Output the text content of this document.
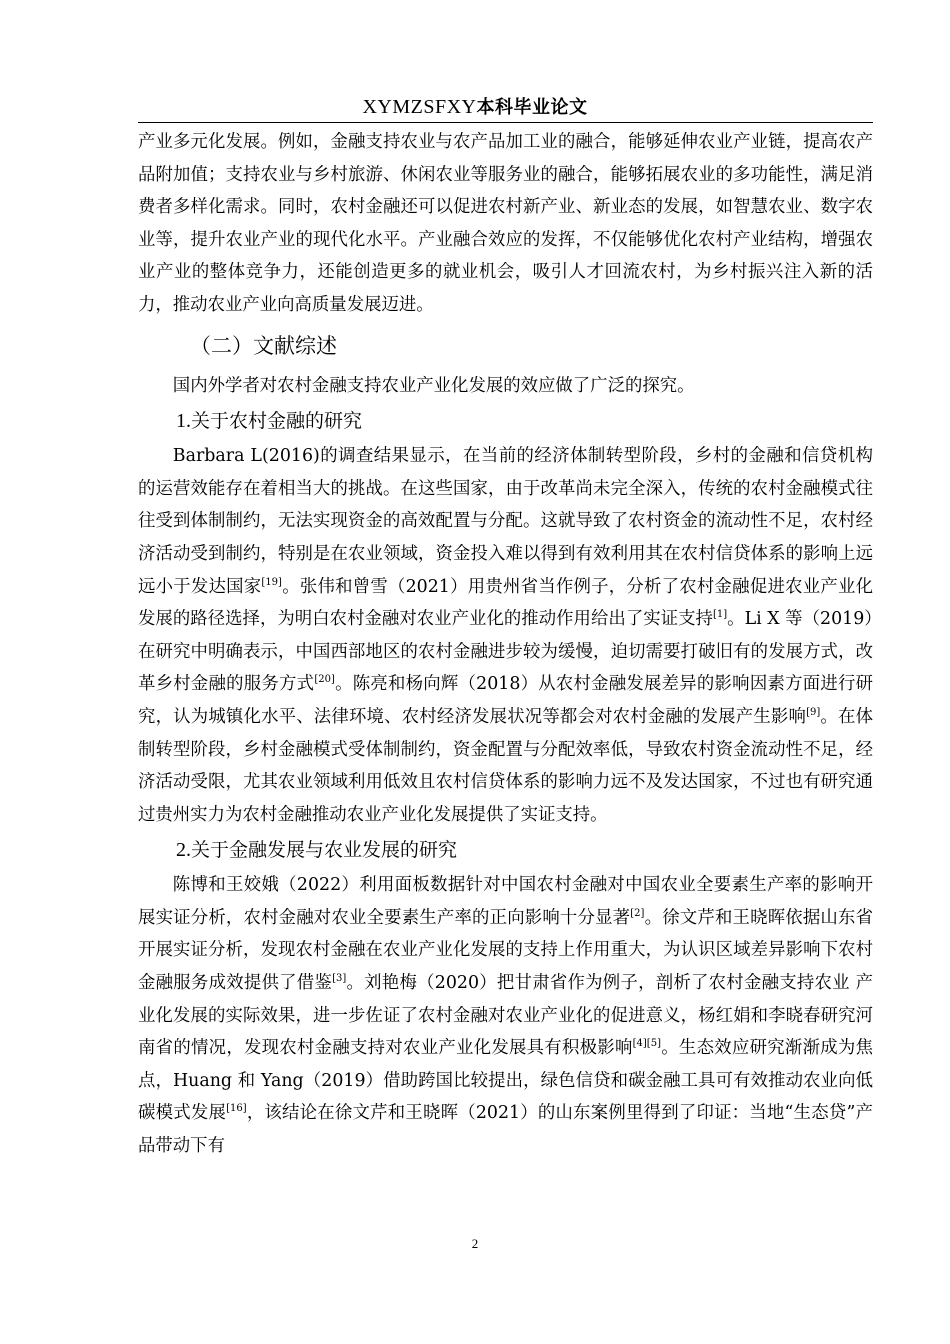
XYMZSFXY本科毕业论文

产业多元化发展。例如，金融支持农业与农产品加工业的融合，能够延伸农业产业链，提高农产品附加值；支持农业与乡村旅游、休闲农业等服务业的融合，能够拓展农业的多功能性，满足消费者多样化需求。同时，农村金融还可以促进农村新产业、新业态的发展，如智慧农业、数字农业等，提升农业产业的现代化水平。产业融合效应的发挥，不仅能够优化农村产业结构，增强农业产业的整体竞争力，还能创造更多的就业机会，吸引人才回流农村，为乡村振兴注入新的活力，推动农业产业向高质量发展迈进。

（二）文献综述

国内外学者对农村金融支持农业产业化发展的效应做了广泛的探究。

1.关于农村金融的研究

Barbara L(2016)的调查结果显示，在当前的经济体制转型阶段，乡村的金融和信贷机构的运营效能存在着相当大的挑战。在这些国家，由于改革尚未完全深入，传统的农村金融模式往往受到体制制约，无法实现资金的高效配置与分配。这就导致了农村资金的流动性不足，农村经济活动受到制约，特别是在农业领域，资金投入难以得到有效利用其在农村信贷体系的影响上远远小于发达国家[19]。张伟和曾雪（2021）用贵州省当作例子，分析了农村金融促进农业产业化发展的路径选择，为明白农村金融对农业产业化的推动作用给出了实证支持[1]。Li X 等（2019）在研究中明确表示，中国西部地区的农村金融进步较为缓慢，迫切需要打破旧有的发展方式，改革乡村金融的服务方式[20]。陈亮和杨向辉（2018）从农村金融发展差异的影响因素方面进行研究，认为城镇化水平、法律环境、农村经济发展状况等都会对农村金融的发展产生影响[9]。在体制转型阶段，乡村金融模式受体制制约，资金配置与分配效率低，导致农村资金流动性不足，经济活动受限，尤其农业领域利用低效且农村信贷体系的影响力远不及发达国家，不过也有研究通过贵州实力为农村金融推动农业产业化发展提供了实证支持。

2.关于金融发展与农业发展的研究

陈博和王姣娥（2022）利用面板数据针对中国农村金融对中国农业全要素生产率的影响开展实证分析，农村金融对农业全要素生产率的正向影响十分显著[2]。徐文芹和王晓晖依据山东省开展实证分析，发现农村金融在农业产业化发展的支持上作用重大，为认识区域差异影响下农村金融服务成效提供了借鉴[3]。刘艳梅（2020）把甘肃省作为例子，剖析了农村金融支持农业 产业化发展的实际效果，进一步佐证了农村金融对农业产业化的促进意义，杨红娟和李晓春研究河南省的情况，发现农村金融支持对农业产业化发展具有积极影响[4][5]。生态效应研究渐渐成为焦点，Huang 和 Yang（2019）借助跨国比较提出，绿色信贷和碳金融工具可有效推动农业向低碳模式发展[16]，该结论在徐文芹和王晓晖（2021）的山东案例里得到了印证：当地“生态贷”产品带动下有

2
